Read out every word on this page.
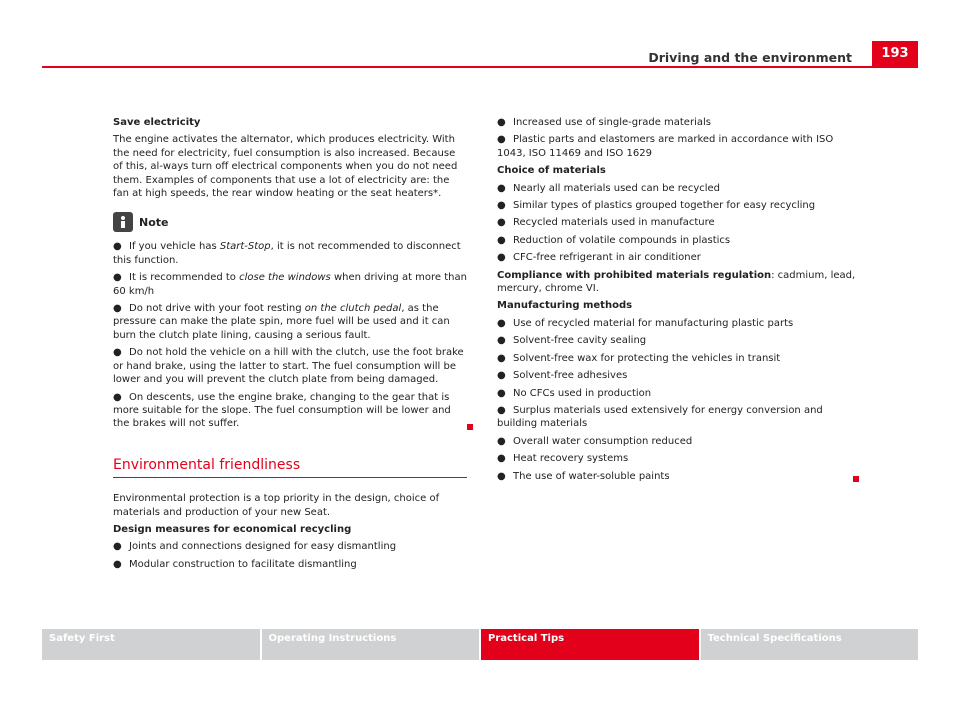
Driving and the environment	193

Save electricity

The engine activates the alternator, which produces electricity. With the need for electricity, fuel consumption is also increased. Because of this, al-ways turn off electrical components when you do not need them. Examples of components that use a lot of electricity are: the fan at high speeds, the rear window heating or the seat heaters*.

Note

● If you vehicle has Start-Stop, it is not recommended to disconnect this function.

● It is recommended to close the windows when driving at more than 60 km/h

● Do not drive with your foot resting on the clutch pedal, as the pressure can make the plate spin, more fuel will be used and it can burn the clutch plate lining, causing a serious fault.

● Do not hold the vehicle on a hill with the clutch, use the foot brake or hand brake, using the latter to start. The fuel consumption will be lower and you will prevent the clutch plate from being damaged.

● On descents, use the engine brake, changing to the gear that is more suitable for the slope. The fuel consumption will be lower and the brakes will not suffer.

Environmental friendliness

Environmental protection is a top priority in the design, choice of materials and production of your new Seat.

Design measures for economical recycling

● Joints and connections designed for easy dismantling

● Modular construction to facilitate dismantling

● Increased use of single-grade materials

● Plastic parts and elastomers are marked in accordance with ISO 1043, ISO 11469 and ISO 1629

Choice of materials

● Nearly all materials used can be recycled

● Similar types of plastics grouped together for easy recycling

● Recycled materials used in manufacture

● Reduction of volatile compounds in plastics

● CFC-free refrigerant in air conditioner

Compliance with prohibited materials regulation: cadmium, lead, mercury, chrome VI.

Manufacturing methods

● Use of recycled material for manufacturing plastic parts

● Solvent-free cavity sealing

● Solvent-free wax for protecting the vehicles in transit

● Solvent-free adhesives

● No CFCs used in production

● Surplus materials used extensively for energy conversion and building materials

● Overall water consumption reduced

● Heat recovery systems

● The use of water-soluble paints

Safety First	Operating Instructions	Practical Tips	Technical Specifications
